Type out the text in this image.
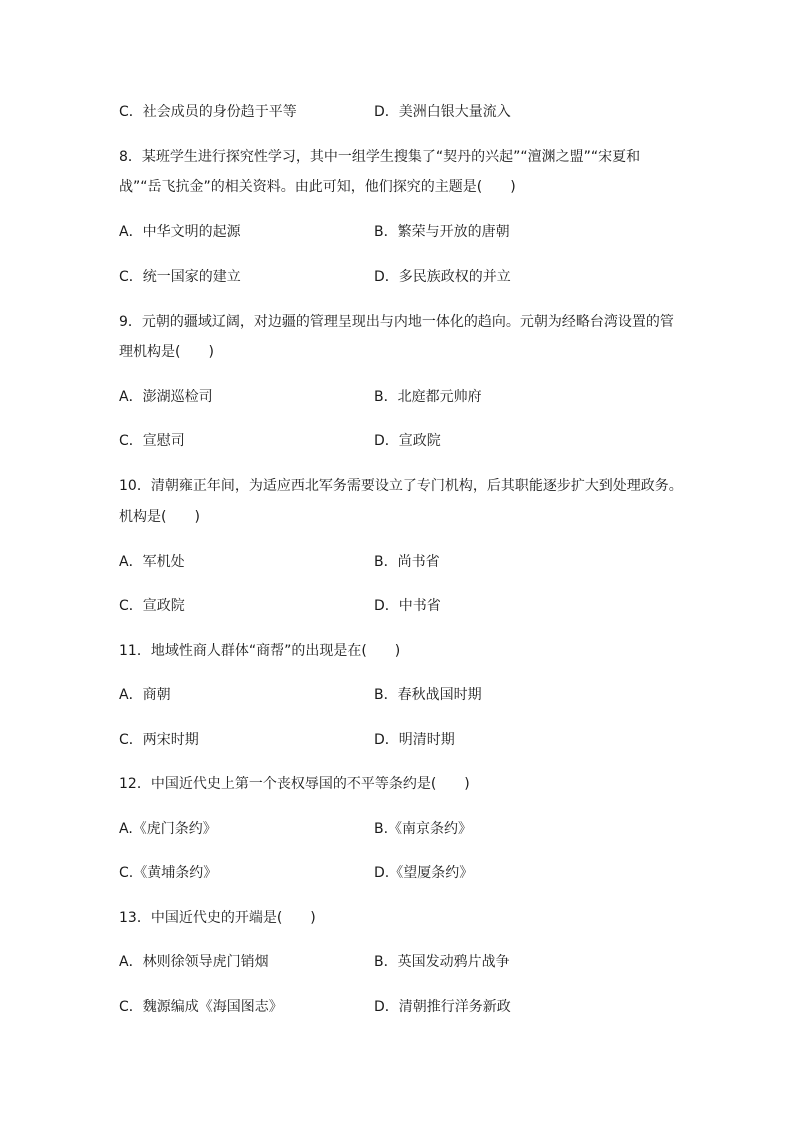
C．社会成员的身份趋于平等	D．美洲白银大量流入
8．某班学生进行探究性学习，其中一组学生搜集了“契丹的兴起”“澶渊之盟”“宋夏和
战”“岳飞抗金”的相关资料。由此可知，他们探究的主题是(　　)
A．中华文明的起源	B．繁荣与开放的唐朝
C．统一国家的建立	D．多民族政权的并立
9．元朝的疆域辽阔，对边疆的管理呈现出与内地一体化的趋向。元朝为经略台湾设置的管
理机构是(　　)
A．澎湖巡检司	B．北庭都元帅府
C．宣慰司	D．宣政院
10．清朝雍正年间，为适应西北军务需要设立了专门机构，后其职能逐步扩大到处理政务。
机构是(　　)
A．军机处	B．尚书省
C．宣政院	D．中书省
11．地域性商人群体“商帮”的出现是在(　　)
A．商朝	B．春秋战国时期
C．两宋时期	D．明清时期
12．中国近代史上第一个丧权辱国的不平等条约是(　　)
A.《虎门条约》	B.《南京条约》
C.《黄埔条约》	D.《望厦条约》
13．中国近代史的开端是(　　)
A．林则徐领导虎门销烟	B．英国发动鸦片战争
C．魏源编成《海国图志》	D．清朝推行洋务新政
